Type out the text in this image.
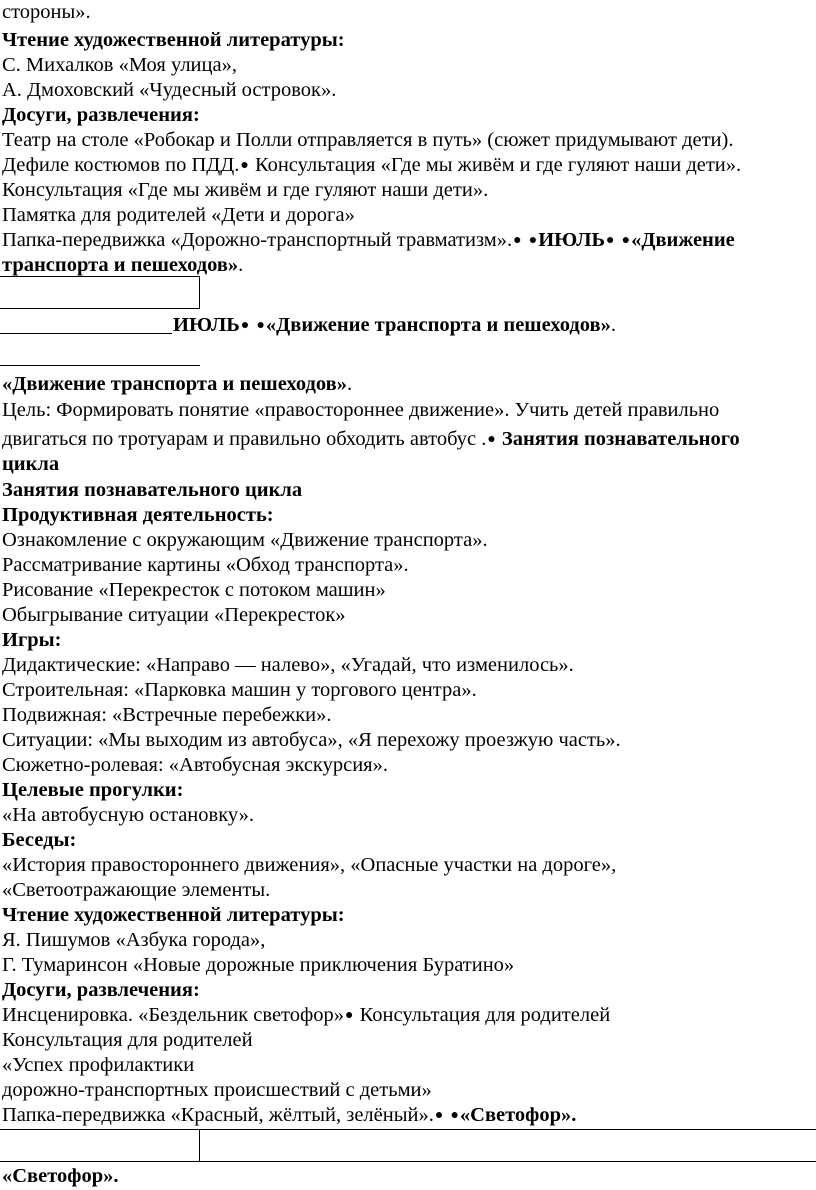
стороны».
Чтение художественной литературы:
С. Михалков «Моя улица»,
А. Дмоховский «Чудесный островок».
Досуги, развлечения:
Театр на столе «Робокар и Полли отправляется в путь» (сюжет придумывают дети).
Дефиле костюмов по ПДД.● Консультация «Где мы живём и где гуляют наши дети».
Консультация «Где мы живём и где гуляют наши дети».
Памятка для родителей «Дети и дорога»
Папка-передвижка «Дорожно-транспортный травматизм».● ●ИЮЛЬ● ●«Движение
транспорта и пешеходов».
ИЮЛЬ● ●«Движение транспорта и пешеходов».
«Движение транспорта и пешеходов».
Цель: Формировать понятие «правостороннее движение». Учить детей правильно
двигаться по тротуарам и правильно обходить автобус .● Занятия познавательного
цикла
Занятия познавательного цикла
Продуктивная деятельность:
Ознакомление с окружающим «Движение транспорта».
Рассматривание картины «Обход транспорта».
Рисование «Перекресток с потоком машин»
Обыгрывание ситуации «Перекресток»
Игры:
Дидактические: «Направо — налево», «Угадай, что изменилось».
Строительная: «Парковка машин у торгового центра».
Подвижная: «Встречные перебежки».
Ситуации: «Мы выходим из автобуса», «Я перехожу проезжую часть».
Сюжетно-ролевая: «Автобусная экскурсия».
Целевые прогулки:
«На автобусную остановку».
Беседы:
«История правостороннего движения», «Опасные участки на дороге»,
«Светоотражающие элементы.
Чтение художественной литературы:
Я. Пишумов «Азбука города»,
Г. Тумаринсон «Новые дорожные приключения Буратино»
Досуги, развлечения:
Инсценировка. «Бездельник светофор»● Консультация для родителей
Консультация для родителей
«Успех профилактики
дорожно-транспортных происшествий с детьми»
Папка-передвижка «Красный, жёлтый, зелёный».● ●«Светофор».
«Светофор».
